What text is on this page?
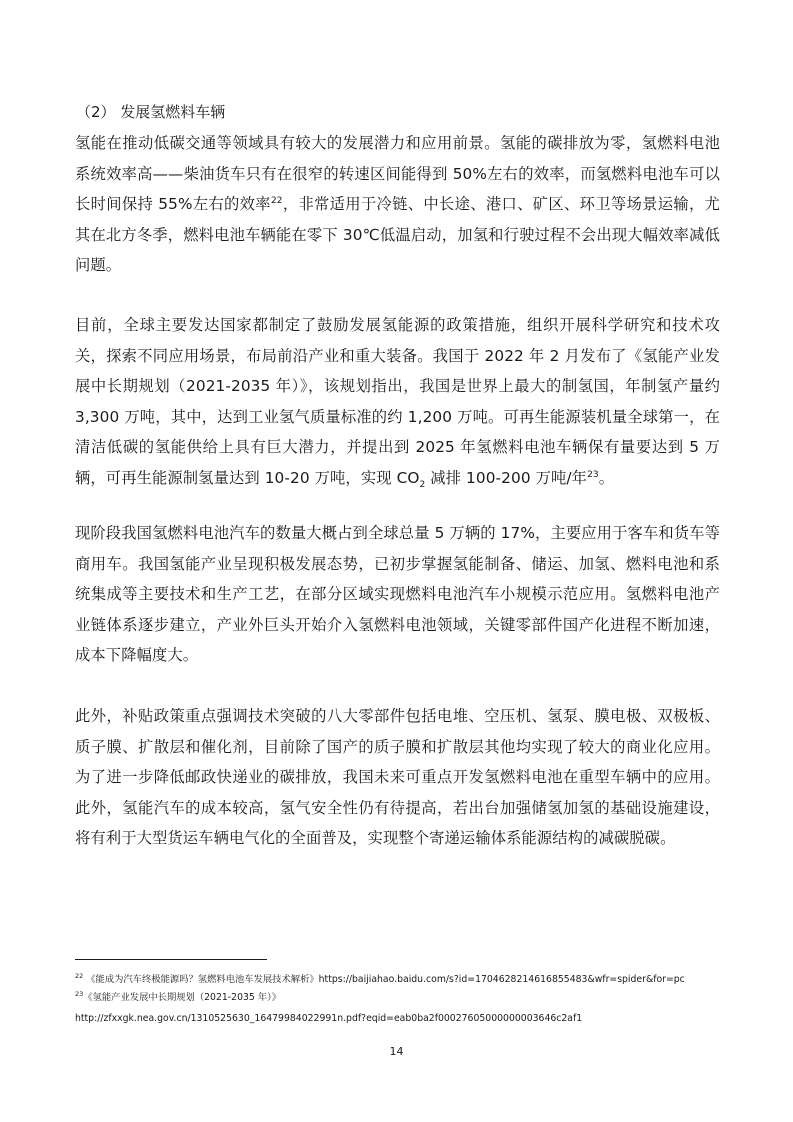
（2） 发展氢燃料车辆

氢能在推动低碳交通等领域具有较大的发展潜力和应用前景。氢能的碳排放为零，氢燃料电池系统效率高——柴油货车只有在很窄的转速区间能得到 50%左右的效率，而氢燃料电池车可以长时间保持 55%左右的效率$^{22}$，非常适用于冷链、中长途、港口、矿区、环卫等场景运输，尤其在北方冬季，燃料电池车辆能在零下 30℃低温启动，加氢和行驶过程不会出现大幅效率减低问题。

目前，全球主要发达国家都制定了鼓励发展氢能源的政策措施，组织开展科学研究和技术攻关，探索不同应用场景，布局前沿产业和重大装备。我国于 2022 年 2 月发布了《氢能产业发展中长期规划（2021-2035 年）》，该规划指出，我国是世界上最大的制氢国，年制氢产量约 3,300 万吨，其中，达到工业氢气质量标准的约 1,200 万吨。可再生能源装机量全球第一，在清洁低碳的氢能供给上具有巨大潜力，并提出到 2025 年氢燃料电池车辆保有量要达到 5 万辆，可再生能源制氢量达到 10-20 万吨，实现 $CO_2$ 减排 100-200 万吨/年$^{23}$。

现阶段我国氢燃料电池汽车的数量大概占到全球总量 5 万辆的 17%，主要应用于客车和货车等商用车。我国氢能产业呈现积极发展态势，已初步掌握氢能制备、储运、加氢、燃料电池和系统集成等主要技术和生产工艺，在部分区域实现燃料电池汽车小规模示范应用。氢燃料电池产业链体系逐步建立，产业外巨头开始介入氢燃料电池领域，关键零部件国产化进程不断加速，成本下降幅度大。

此外，补贴政策重点强调技术突破的八大零部件包括电堆、空压机、氢泵、膜电极、双极板、质子膜、扩散层和催化剂，目前除了国产的质子膜和扩散层其他均实现了较大的商业化应用。为了进一步降低邮政快递业的碳排放，我国未来可重点开发氢燃料电池在重型车辆中的应用。此外，氢能汽车的成本较高，氢气安全性仍有待提高，若出台加强储氢加氢的基础设施建设，将有利于大型货运车辆电气化的全面普及，实现整个寄递运输体系能源结构的减碳脱碳。

$^{22}$ 《能成为汽车终极能源吗？氢燃料电池车发展技术解析》https://baijiahao.baidu.com/s?id=1704628214616855483&wfr=spider&for=pc
$^{23}$《氢能产业发展中长期规划（2021-2035 年）》
http://zfxxgk.nea.gov.cn/1310525630_16479984022991n.pdf?eqid=eab0ba2f00027605000000003646c2af1
14
